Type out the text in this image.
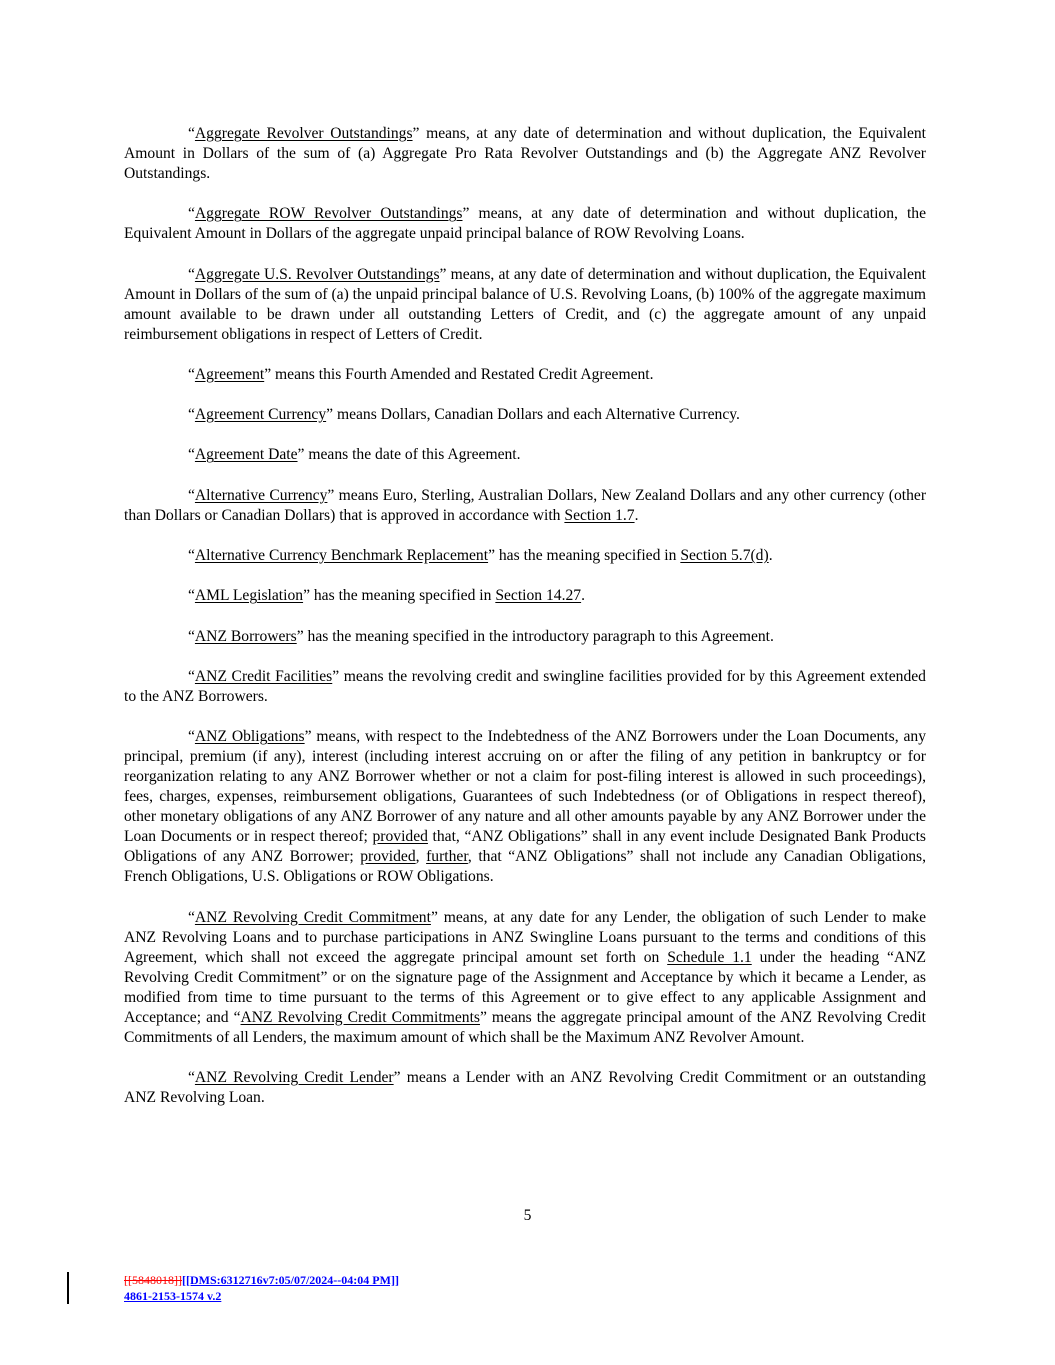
“Aggregate Revolver Outstandings” means, at any date of determination and without duplication, the Equivalent Amount in Dollars of the sum of (a) Aggregate Pro Rata Revolver Outstandings and (b) the Aggregate ANZ Revolver Outstandings.

“Aggregate ROW Revolver Outstandings” means, at any date of determination and without duplication, the Equivalent Amount in Dollars of the aggregate unpaid principal balance of ROW Revolving Loans.

“Aggregate U.S. Revolver Outstandings” means, at any date of determination and without duplication, the Equivalent Amount in Dollars of the sum of (a) the unpaid principal balance of U.S. Revolving Loans, (b) 100% of the aggregate maximum amount available to be drawn under all outstanding Letters of Credit, and (c) the aggregate amount of any unpaid reimbursement obligations in respect of Letters of Credit.

“Agreement” means this Fourth Amended and Restated Credit Agreement.

“Agreement Currency” means Dollars, Canadian Dollars and each Alternative Currency.

“Agreement Date” means the date of this Agreement.

“Alternative Currency” means Euro, Sterling, Australian Dollars, New Zealand Dollars and any other currency (other than Dollars or Canadian Dollars) that is approved in accordance with Section 1.7.

“Alternative Currency Benchmark Replacement” has the meaning specified in Section 5.7(d).

“AML Legislation” has the meaning specified in Section 14.27.

“ANZ Borrowers” has the meaning specified in the introductory paragraph to this Agreement.

“ANZ Credit Facilities” means the revolving credit and swingline facilities provided for by this Agreement extended to the ANZ Borrowers.

“ANZ Obligations” means, with respect to the Indebtedness of the ANZ Borrowers under the Loan Documents, any principal, premium (if any), interest (including interest accruing on or after the filing of any petition in bankruptcy or for reorganization relating to any ANZ Borrower whether or not a claim for post-filing interest is allowed in such proceedings), fees, charges, expenses, reimbursement obligations, Guarantees of such Indebtedness (or of Obligations in respect thereof), other monetary obligations of any ANZ Borrower of any nature and all other amounts payable by any ANZ Borrower under the Loan Documents or in respect thereof; provided that, “ANZ Obligations” shall in any event include Designated Bank Products Obligations of any ANZ Borrower; provided, further, that “ANZ Obligations” shall not include any Canadian Obligations, French Obligations, U.S. Obligations or ROW Obligations.

“ANZ Revolving Credit Commitment” means, at any date for any Lender, the obligation of such Lender to make ANZ Revolving Loans and to purchase participations in ANZ Swingline Loans pursuant to the terms and conditions of this Agreement, which shall not exceed the aggregate principal amount set forth on Schedule 1.1 under the heading “ANZ Revolving Credit Commitment” or on the signature page of the Assignment and Acceptance by which it became a Lender, as modified from time to time pursuant to the terms of this Agreement or to give effect to any applicable Assignment and Acceptance; and “ANZ Revolving Credit Commitments” means the aggregate principal amount of the ANZ Revolving Credit Commitments of all Lenders, the maximum amount of which shall be the Maximum ANZ Revolver Amount.

“ANZ Revolving Credit Lender” means a Lender with an ANZ Revolving Credit Commitment or an outstanding ANZ Revolving Loan.

5
[[5848018]][[DMS:6312716v7:05/07/2024--04:04 PM]]
4861-2153-1574 v.2
